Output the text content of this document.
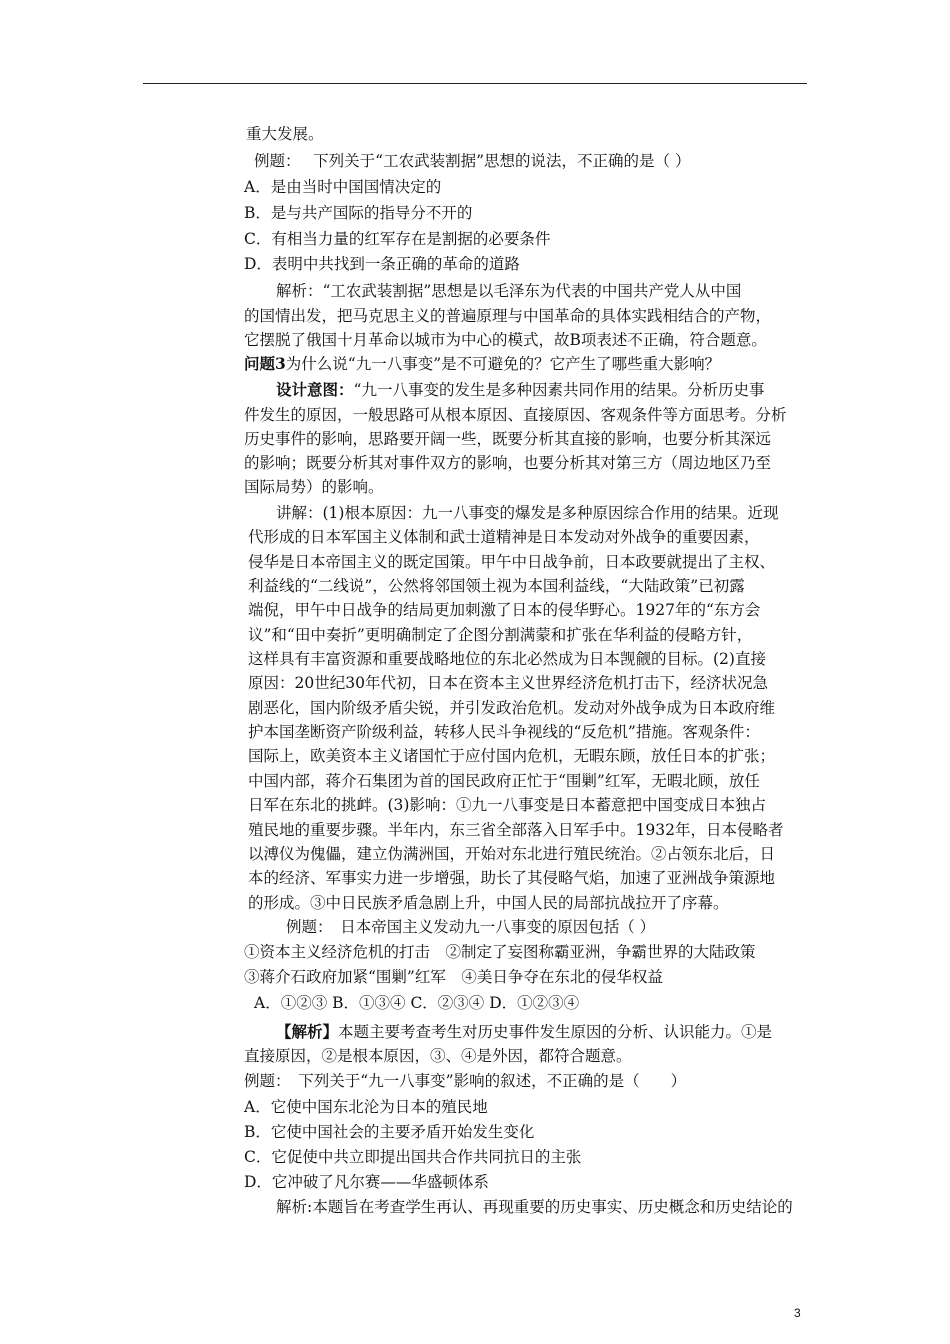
重大发展。
例题：　 下列关于“工农武装割据”思想的说法，不正确的是（ ）
A．是由当时中国国情决定的
B．是与共产国际的指导分不开的
C．有相当力量的红军存在是割据的必要条件
D．表明中共找到一条正确的革命的道路
解析：“工农武装割据”思想是以毛泽东为代表的中国共产党人从中国
的国情出发，把马克思主义的普遍原理与中国革命的具体实践相结合的产物，
它摆脱了俄国十月革命以城市为中心的模式，故B项表述不正确，符合题意。
问题3为什么说“九一八事变”是不可避免的？它产生了哪些重大影响？
设计意图：“九一八事变的发生是多种因素共同作用的结果。分析历史事
件发生的原因，一般思路可从根本原因、直接原因、客观条件等方面思考。分析
历史事件的影响，思路要开阔一些，既要分析其直接的影响，也要分析其深远
的影响；既要分析其对事件双方的影响，也要分析其对第三方（周边地区乃至
国际局势）的影响。
讲解：(1)根本原因：九一八事变的爆发是多种原因综合作用的结果。近现
代形成的日本军国主义体制和武士道精神是日本发动对外战争的重要因素，
侵华是日本帝国主义的既定国策。甲午中日战争前，日本政要就提出了主权、
利益线的“二线说”，公然将邻国领土视为本国利益线，“大陆政策”已初露
端倪，甲午中日战争的结局更加刺激了日本的侵华野心。1927年的“东方会
议”和“田中奏折”更明确制定了企图分割满蒙和扩张在华利益的侵略方针，
这样具有丰富资源和重要战略地位的东北必然成为日本觊觎的目标。(2)直接
原因：20世纪30年代初，日本在资本主义世界经济危机打击下，经济状况急
剧恶化，国内阶级矛盾尖锐，并引发政治危机。发动对外战争成为日本政府维
护本国垄断资产阶级利益，转移人民斗争视线的“反危机”措施。客观条件：
国际上，欧美资本主义诸国忙于应付国内危机，无暇东顾，放任日本的扩张；
中国内部，蒋介石集团为首的国民政府正忙于“围剿”红军，无暇北顾，放任
日军在东北的挑衅。(3)影响：①九一八事变是日本蓄意把中国变成日本独占
殖民地的重要步骤。半年内，东三省全部落入日军手中。1932年，日本侵略者
以溥仪为傀儡，建立伪满洲国，开始对东北进行殖民统治。②占领东北后，日
本的经济、军事实力进一步增强，助长了其侵略气焰，加速了亚洲战争策源地
的形成。③中日民族矛盾急剧上升，中国人民的局部抗战拉开了序幕。
例题：　日本帝国主义发动九一八事变的原因包括（ ）
①资本主义经济危机的打击　②制定了妄图称霸亚洲，争霸世界的大陆政策
③蒋介石政府加紧“围剿”红军　④美日争夺在东北的侵华权益
A．①②③ B．①③④ C．②③④ D．①②③④
【解析】本题主要考查考生对历史事件发生原因的分析、认识能力。①是
直接原因，②是根本原因，③、④是外因，都符合题意。
例题：　下列关于“九一八事变”影响的叙述，不正确的是（　　）
A．它使中国东北沦为日本的殖民地
B．它使中国社会的主要矛盾开始发生变化
C．它促使中共立即提出国共合作共同抗日的主张
D．它冲破了凡尔赛——华盛顿体系
解析:本题旨在考查学生再认、再现重要的历史事实、历史概念和历史结论的
3
